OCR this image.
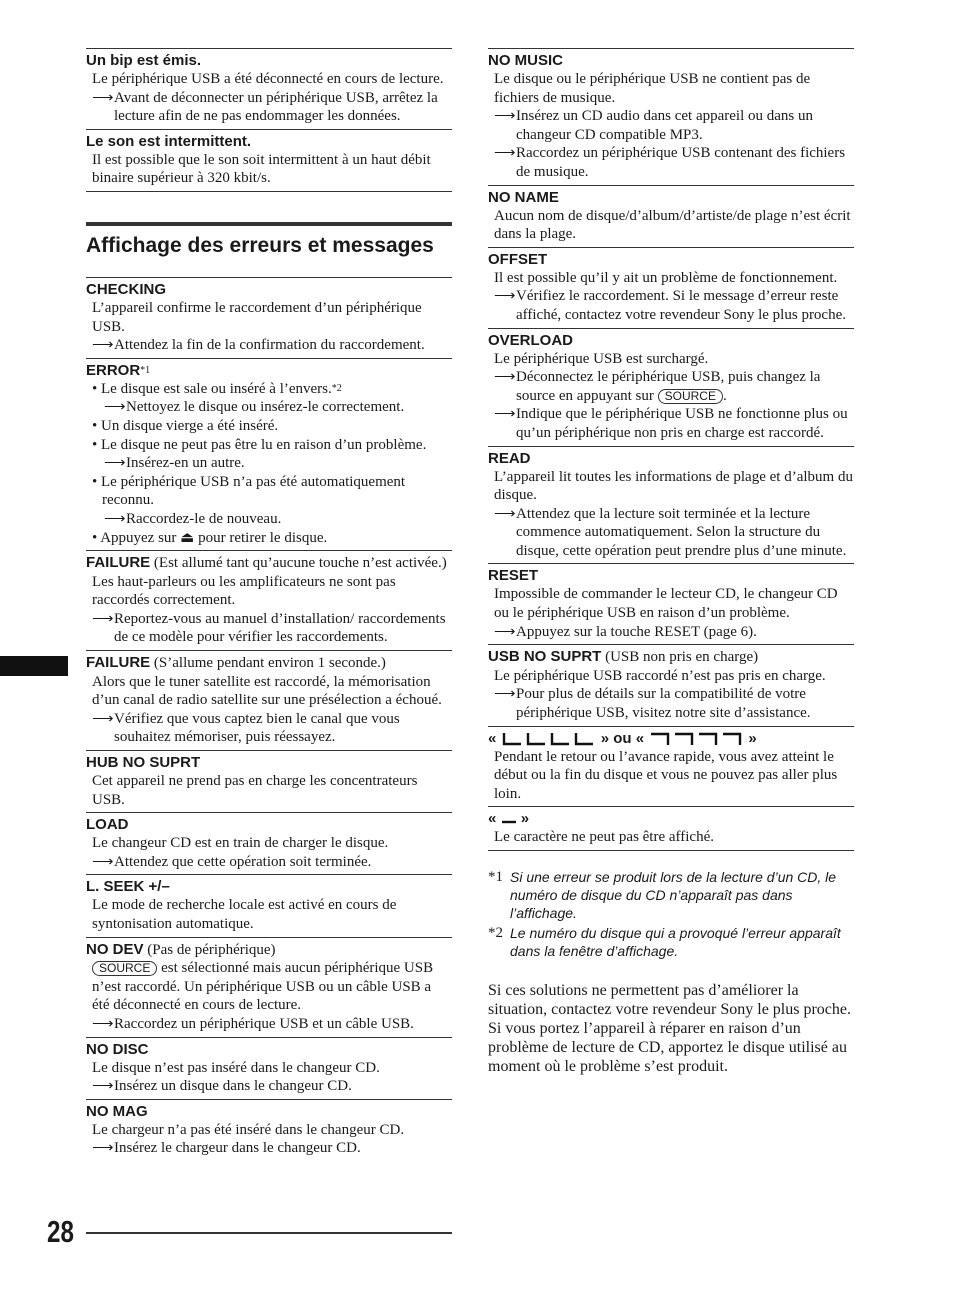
Un bip est émis.
Le périphérique USB a été déconnecté en cours de lecture.
⟶Avant de déconnecter un périphérique USB, arrêtez la lecture afin de ne pas endommager les données.
Le son est intermittent.
Il est possible que le son soit intermittent à un haut débit binaire supérieur à 320 kbit/s.
Affichage des erreurs et messages
CHECKING
L’appareil confirme le raccordement d’un périphérique USB.
⟶Attendez la fin de la confirmation du raccordement.
ERROR$^{*1}$
• Le disque est sale ou inséré à l’envers.$^{*2}$
⟶Nettoyez le disque ou insérez-le correctement.
• Un disque vierge a été inséré.
• Le disque ne peut pas être lu en raison d’un problème.
⟶Insérez-en un autre.
• Le périphérique USB n’a pas été automatiquement reconnu.
⟶Raccordez-le de nouveau.
• Appuyez sur ⏏ pour retirer le disque.
FAILURE (Est allumé tant qu’aucune touche n’est activée.)
Les haut-parleurs ou les amplificateurs ne sont pas raccordés correctement.
⟶Reportez-vous au manuel d’installation/ raccordements de ce modèle pour vérifier les raccordements.
FAILURE (S’allume pendant environ 1 seconde.)
Alors que le tuner satellite est raccordé, la mémorisation d’un canal de radio satellite sur une présélection a échoué.
⟶Vérifiez que vous captez bien le canal que vous souhaitez mémoriser, puis réessayez.
HUB NO SUPRT
Cet appareil ne prend pas en charge les concentrateurs USB.
LOAD
Le changeur CD est en train de charger le disque.
⟶Attendez que cette opération soit terminée.
L. SEEK +/–
Le mode de recherche locale est activé en cours de syntonisation automatique.
NO DEV (Pas de périphérique)
SOURCE est sélectionné mais aucun périphérique USB n’est raccordé. Un périphérique USB ou un câble USB a été déconnecté en cours de lecture.
⟶Raccordez un périphérique USB et un câble USB.
NO DISC
Le disque n’est pas inséré dans le changeur CD.
⟶Insérez un disque dans le changeur CD.
NO MAG
Le chargeur n’a pas été inséré dans le changeur CD.
⟶Insérez le chargeur dans le changeur CD.
NO MUSIC
Le disque ou le périphérique USB ne contient pas de fichiers de musique.
⟶Insérez un CD audio dans cet appareil ou dans un changeur CD compatible MP3.
⟶Raccordez un périphérique USB contenant des fichiers de musique.
NO NAME
Aucun nom de disque/d’album/d’artiste/de plage n’est écrit dans la plage.
OFFSET
Il est possible qu’il y ait un problème de fonctionnement.
⟶Vérifiez le raccordement. Si le message d’erreur reste affiché, contactez votre revendeur Sony le plus proche.
OVERLOAD
Le périphérique USB est surchargé.
⟶Déconnectez le périphérique USB, puis changez la source en appuyant sur SOURCE .
⟶Indique que le périphérique USB ne fonctionne plus ou qu’un périphérique non pris en charge est raccordé.
READ
L’appareil lit toutes les informations de plage et d’album du disque.
⟶Attendez que la lecture soit terminée et la lecture commence automatiquement. Selon la structure du disque, cette opération peut prendre plus d’une minute.
RESET
Impossible de commander le lecteur CD, le changeur CD ou le périphérique USB en raison d’un problème.
⟶Appuyez sur la touche RESET (page 6).
USB NO SUPRT (USB non pris en charge)
Le périphérique USB raccordé n’est pas pris en charge.
⟶Pour plus de détails sur la compatibilité de votre périphérique USB, visitez notre site d’assistance.
«	» ou «	»
Pendant le retour ou l’avance rapide, vous avez atteint le début ou la fin du disque et vous ne pouvez pas aller plus loin.
« »
Le caractère ne peut pas être affiché.
*1 Si une erreur se produit lors de la lecture d’un CD, le numéro de disque du CD n’apparaît pas dans l’affichage.
*2 Le numéro du disque qui a provoqué l’erreur apparaît dans la fenêtre d’affichage.
Si ces solutions ne permettent pas d’améliorer la situation, contactez votre revendeur Sony le plus proche.
Si vous portez l’appareil à réparer en raison d’un problème de lecture de CD, apportez le disque utilisé au moment où le problème s’est produit.
28
